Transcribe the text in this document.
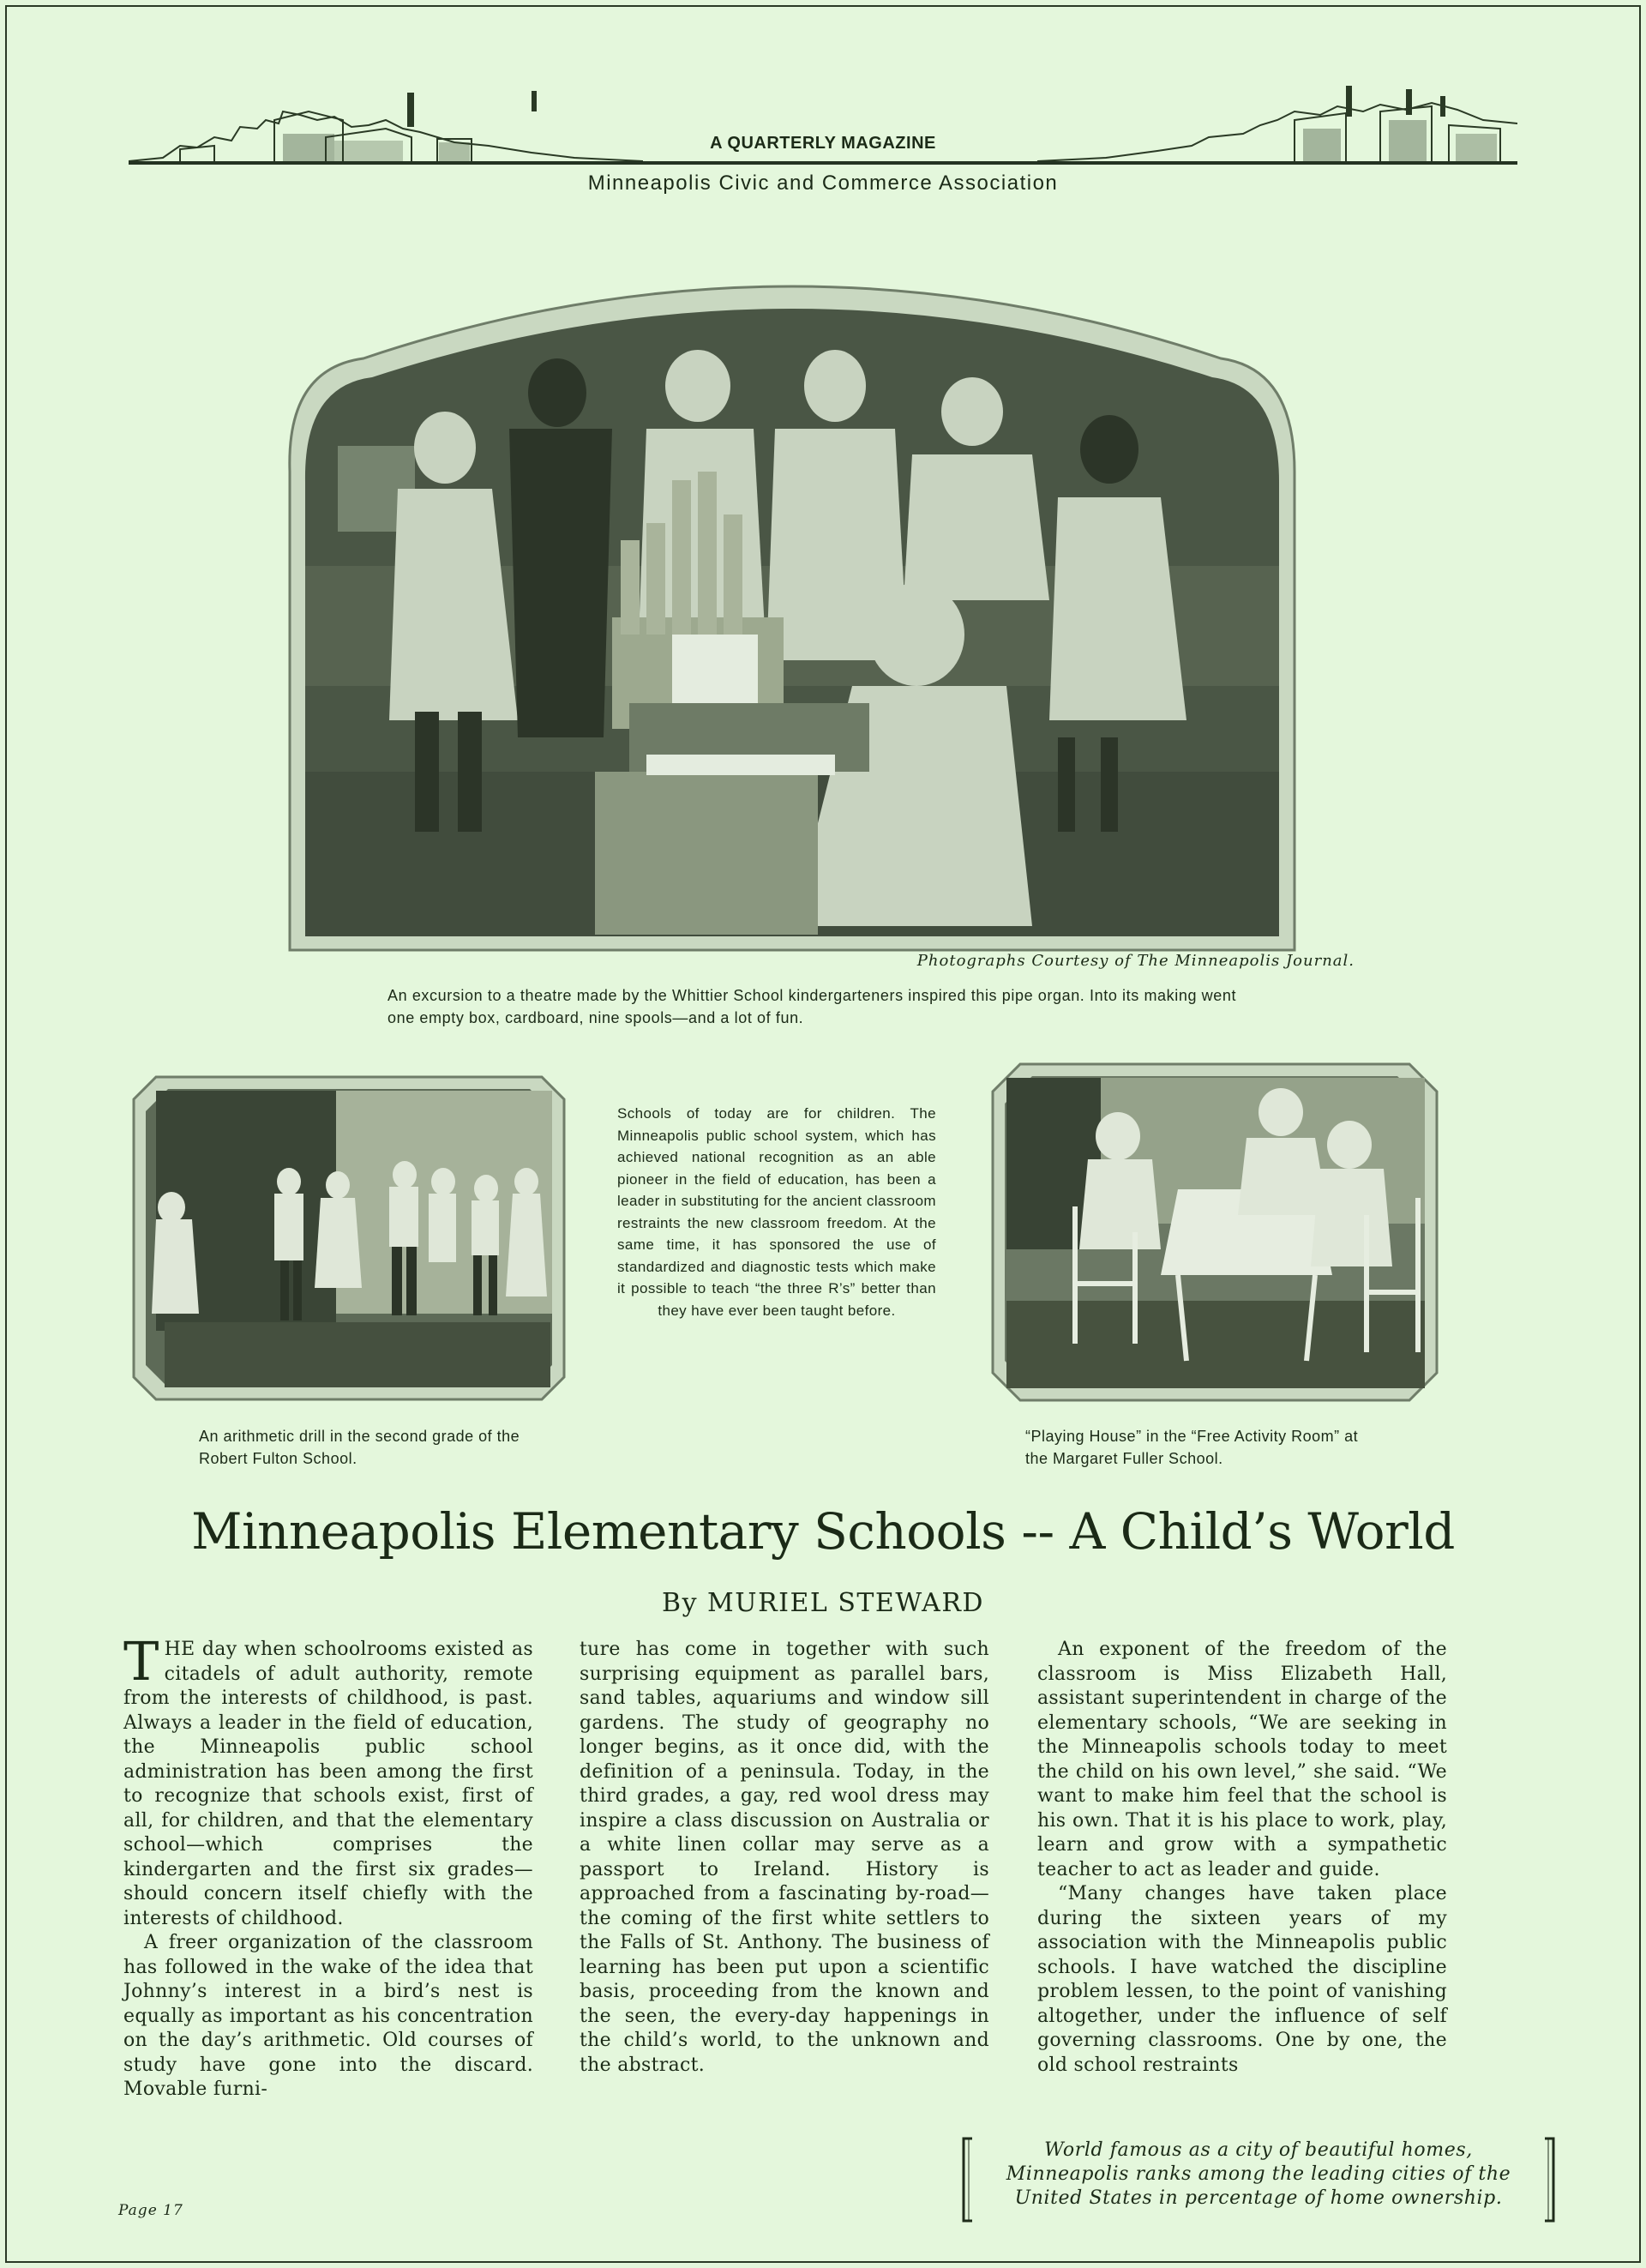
A QUARTERLY MAGAZINE
Minneapolis Civic and Commerce Association
Photographs Courtesy of The Minneapolis Journal.
An excursion to a theatre made by the Whittier School kindergarteners inspired this pipe organ. Into its making went one empty box, cardboard, nine spools—and a lot of fun.
An arithmetic drill in the second grade of the Robert Fulton School.
Schools of today are for children. The Minneapolis public school system, which has achieved national recognition as an able pioneer in the field of education, has been a leader in substituting for the ancient classroom restraints the new classroom freedom. At the same time, it has sponsored the use of standardized and diagnostic tests which make it possible to teach “the three R’s” better than they have ever been taught before.
“Playing House” in the “Free Activity Room” at the Margaret Fuller School.
Minneapolis Elementary Schools -- A Child’s World
By MURIEL STEWARD

THE day when schoolrooms existed as citadels of adult authority, remote from the interests of childhood, is past. Always a leader in the field of education, the Minneapolis public school administration has been among the first to recognize that schools exist, first of all, for children, and that the elementary school—which comprises the kindergarten and the first six grades—should concern itself chiefly with the interests of childhood.

A freer organization of the classroom has followed in the wake of the idea that Johnny’s interest in a bird’s nest is equally as important as his concentration on the day’s arithmetic. Old courses of study have gone into the discard. Movable furni-

ture has come in together with such surprising equipment as parallel bars, sand tables, aquariums and window sill gardens. The study of geography no longer begins, as it once did, with the definition of a peninsula. Today, in the third grades, a gay, red wool dress may inspire a class discussion on Australia or a white linen collar may serve as a passport to Ireland. History is approached from a fascinating by-road—the coming of the first white settlers to the Falls of St. Anthony. The business of learning has been put upon a scientific basis, proceeding from the known and the seen, the every-day happenings in the child’s world, to the unknown and the abstract.

An exponent of the freedom of the classroom is Miss Elizabeth Hall, assistant superintendent in charge of the elementary schools, “We are seeking in the Minneapolis schools today to meet the child on his own level,” she said. “We want to make him feel that the school is his own. That it is his place to work, play, learn and grow with a sympathetic teacher to act as leader and guide.

“Many changes have taken place during the sixteen years of my association with the Minneapolis public schools. I have watched the discipline problem lessen, to the point of vanishing altogether, under the influence of self governing classrooms. One by one, the old school restraints

World famous as a city of beautiful homes, Minneapolis ranks among the leading cities of the United States in percentage of home ownership.
Page 17
